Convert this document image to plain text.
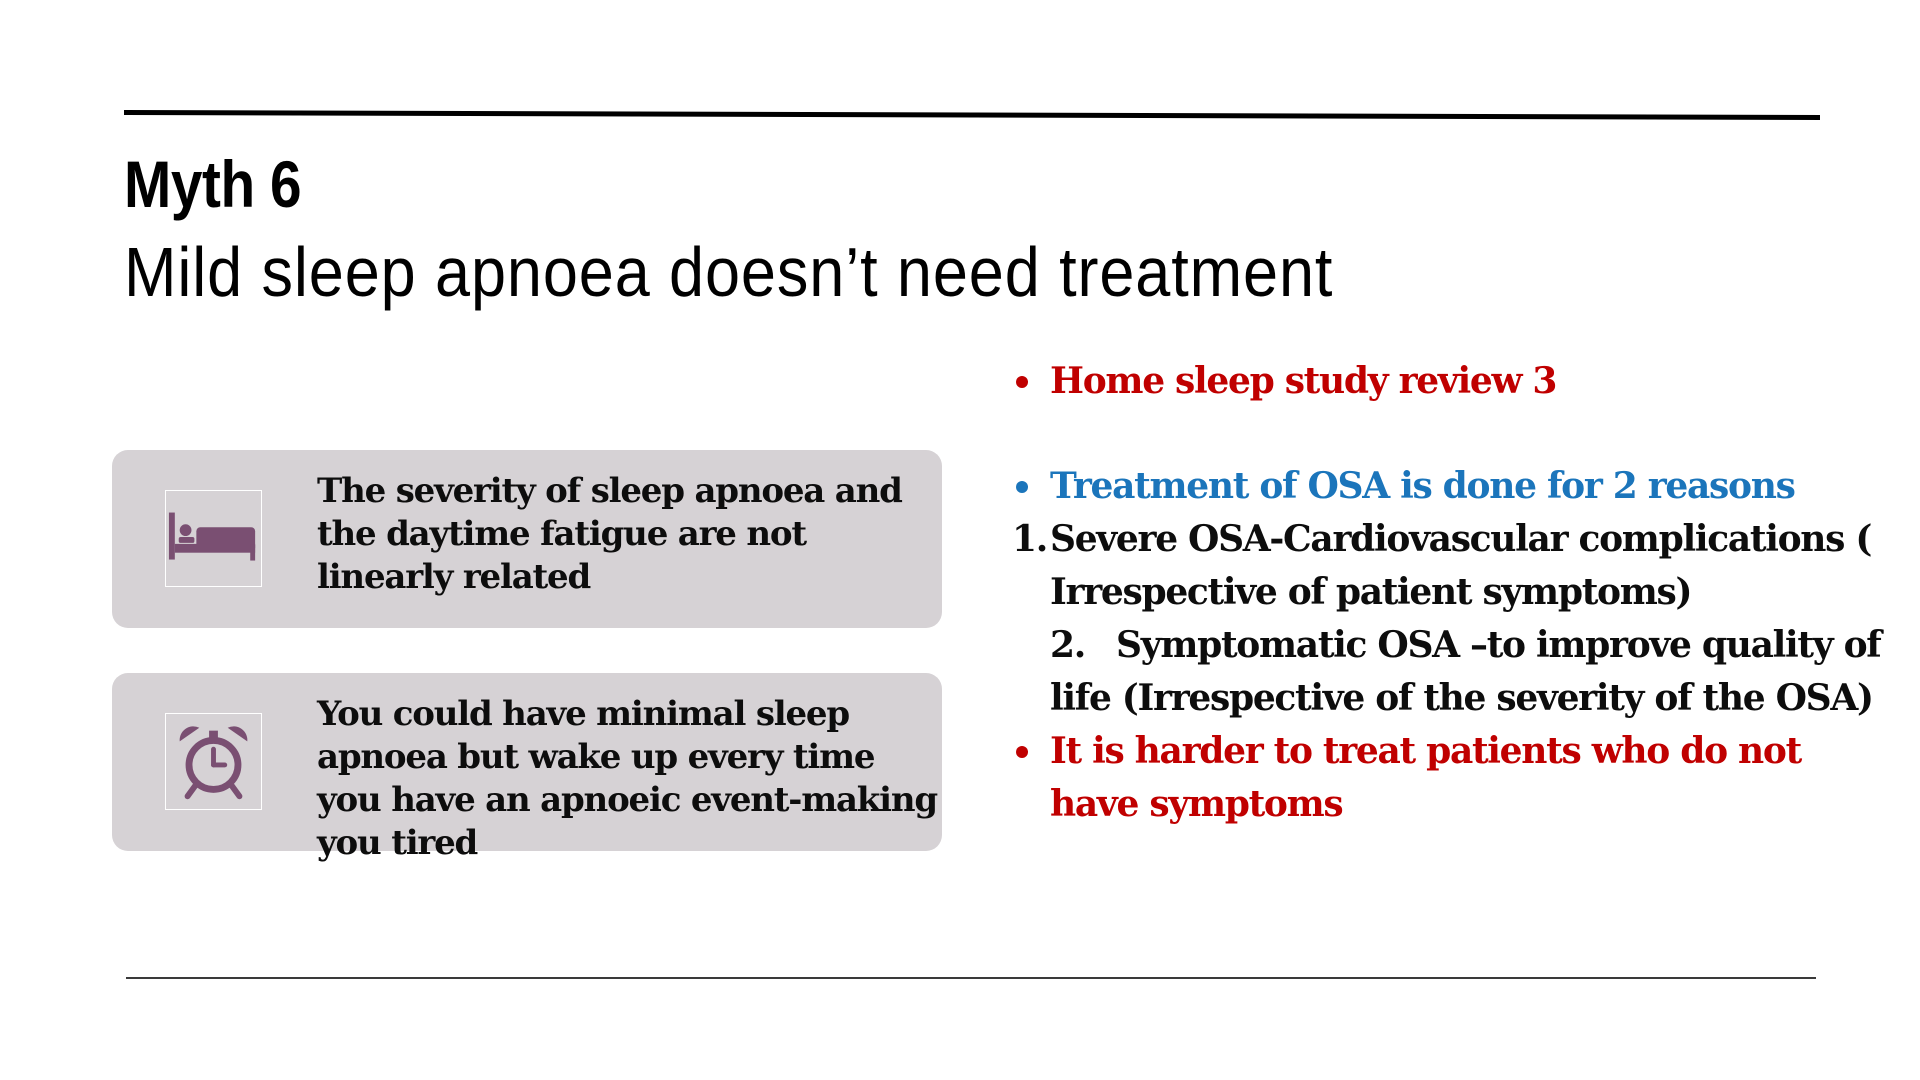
Myth 6
Mild sleep apnoea doesn’t need treatment
The severity of sleep apnoea and the daytime fatigue are not linearly related
You could have minimal sleep apnoea but wake up every time you have an apnoeic event-making you tired
Home sleep study review 3
Treatment of OSA is done for 2 reasons
1. Severe OSA-Cardiovascular complications ( Irrespective of patient symptoms)
2. Symptomatic OSA –to improve quality of life (Irrespective of the severity of the OSA)
It is harder to treat patients who do not have symptoms
